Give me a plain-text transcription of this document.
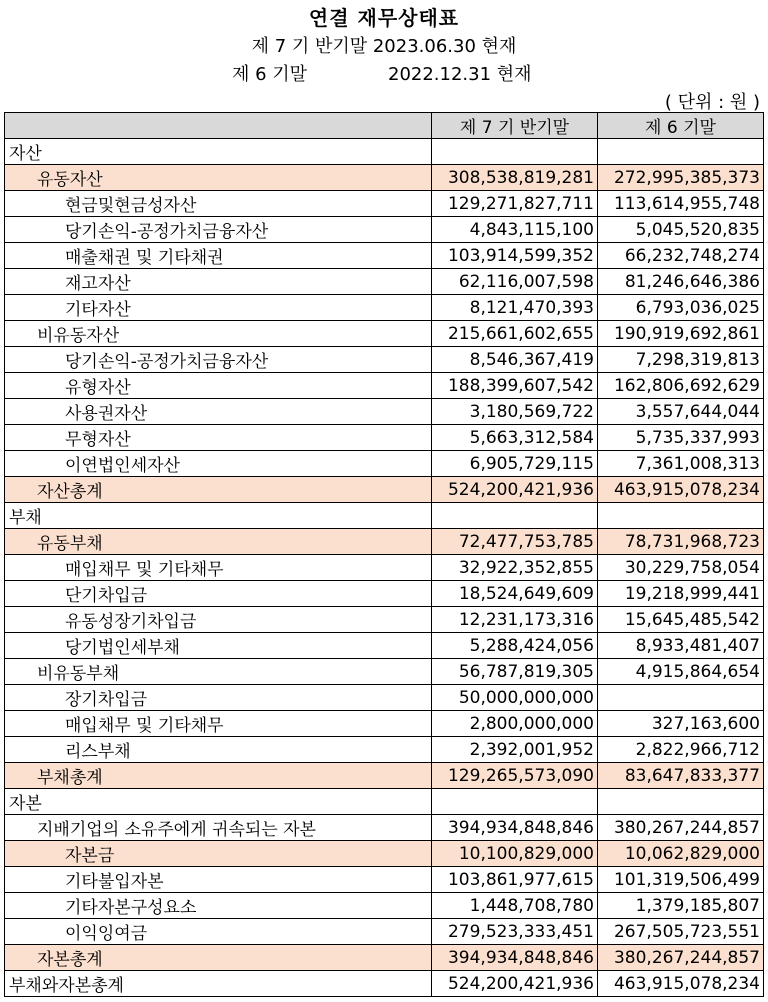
연결 재무상태표
제 7 기 반기말 2023.06.30 현재
제 6 기말	2022.12.31 현재
( 단위 : 원 )
	제 7 기 반기말	제 6 기말
자산		
유동자산	308,538,819,281	272,995,385,373
현금및현금성자산	129,271,827,711	113,614,955,748
당기손익-공정가치금융자산	4,843,115,100	5,045,520,835
매출채권 및 기타채권	103,914,599,352	66,232,748,274
재고자산	62,116,007,598	81,246,646,386
기타자산	8,121,470,393	6,793,036,025
비유동자산	215,661,602,655	190,919,692,861
당기손익-공정가치금융자산	8,546,367,419	7,298,319,813
유형자산	188,399,607,542	162,806,692,629
사용권자산	3,180,569,722	3,557,644,044
무형자산	5,663,312,584	5,735,337,993
이연법인세자산	6,905,729,115	7,361,008,313
자산총계	524,200,421,936	463,915,078,234
부채		
유동부채	72,477,753,785	78,731,968,723
매입채무 및 기타채무	32,922,352,855	30,229,758,054
단기차입금	18,524,649,609	19,218,999,441
유동성장기차입금	12,231,173,316	15,645,485,542
당기법인세부채	5,288,424,056	8,933,481,407
비유동부채	56,787,819,305	4,915,864,654
장기차입금	50,000,000,000	
매입채무 및 기타채무	2,800,000,000	327,163,600
리스부채	2,392,001,952	2,822,966,712
부채총계	129,265,573,090	83,647,833,377
자본		
지배기업의 소유주에게 귀속되는 자본	394,934,848,846	380,267,244,857
자본금	10,100,829,000	10,062,829,000
기타불입자본	103,861,977,615	101,319,506,499
기타자본구성요소	1,448,708,780	1,379,185,807
이익잉여금	279,523,333,451	267,505,723,551
자본총계	394,934,848,846	380,267,244,857
부채와자본총계	524,200,421,936	463,915,078,234
